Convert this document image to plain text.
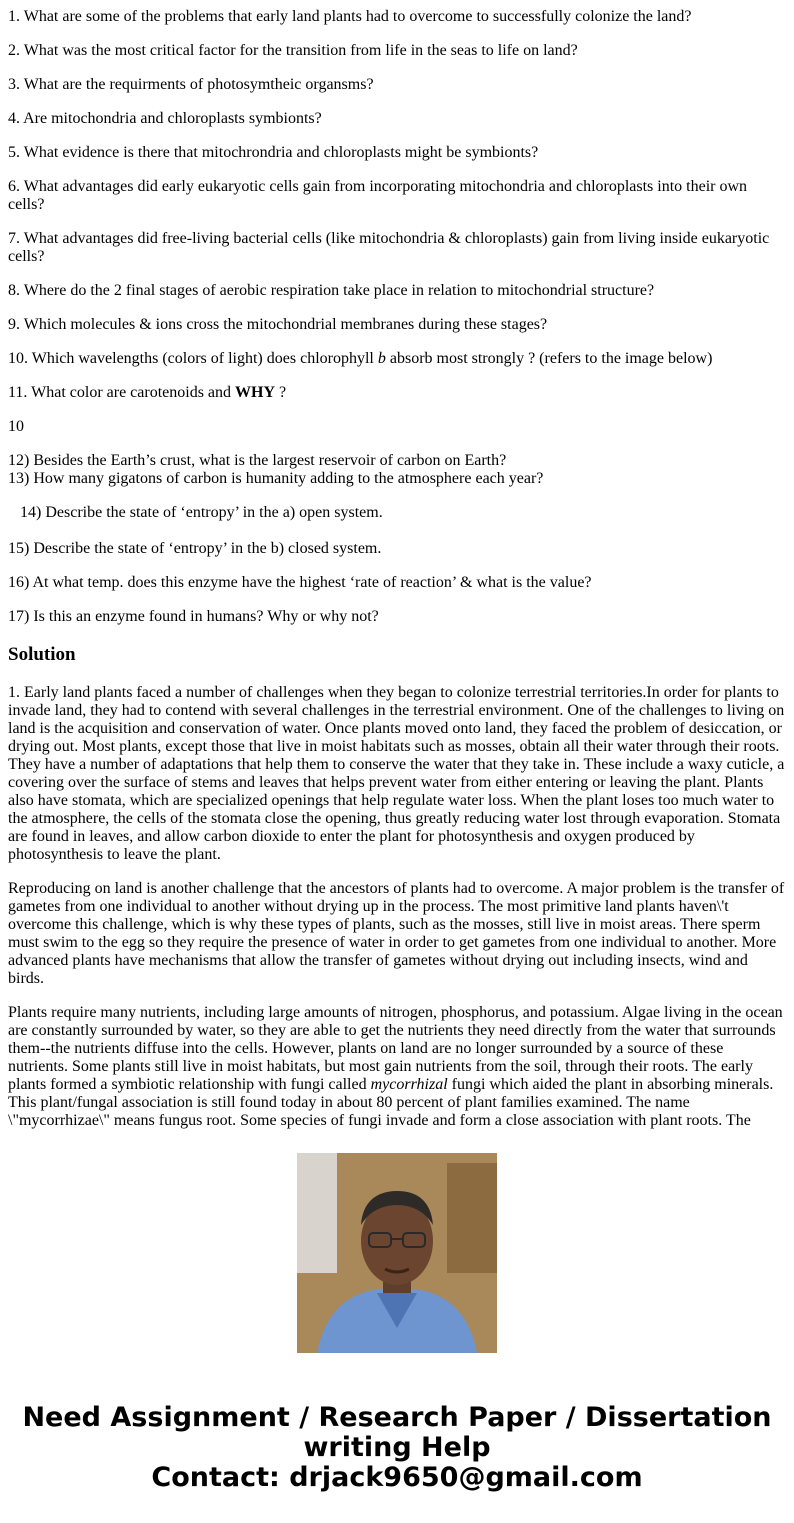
1. What are some of the problems that early land plants had to overcome to successfully colonize the land?

2. What was the most critical factor for the transition from life in the seas to life on land?

3. What are the requirments of photosymtheic organsms?

4. Are mitochondria and chloroplasts symbionts?

5. What evidence is there that mitochrondria and chloroplasts might be symbionts?

6. What advantages did early eukaryotic cells gain from incorporating mitochondria and chloroplasts into their own cells?

7. What advantages did free-living bacterial cells (like mitochondria & chloroplasts) gain from living inside eukaryotic cells?

8. Where do the 2 final stages of aerobic respiration take place in relation to mitochondrial structure?

9. Which molecules & ions cross the mitochondrial membranes during these stages?

10. Which wavelengths (colors of light) does chlorophyll b absorb most strongly ? (refers to the image below)

11. What color are carotenoids and WHY ?

10

12) Besides the Earth’s crust, what is the largest reservoir of carbon on Earth?

13) How many gigatons of carbon is humanity adding to the atmosphere each year?

14) Describe the state of ‘entropy’ in the a) open system.

15) Describe the state of ‘entropy’ in the b) closed system.

16) At what temp. does this enzyme have the highest ‘rate of reaction’ & what is the value?

17) Is this an enzyme found in humans? Why or why not?

Solution

1. Early land plants faced a number of challenges when they began to colonize terrestrial territories.In order for plants to invade land, they had to contend with several challenges in the terrestrial environment. One of the challenges to living on land is the acquisition and conservation of water. Once plants moved onto land, they faced the problem of desiccation, or drying out. Most plants, except those that live in moist habitats such as mosses, obtain all their water through their roots. They have a number of adaptations that help them to conserve the water that they take in. These include a waxy cuticle, a covering over the surface of stems and leaves that helps prevent water from either entering or leaving the plant. Plants also have stomata, which are specialized openings that help regulate water loss. When the plant loses too much water to the atmosphere, the cells of the stomata close the opening, thus greatly reducing water lost through evaporation. Stomata are found in leaves, and allow carbon dioxide to enter the plant for photosynthesis and oxygen produced by photosynthesis to leave the plant.

Reproducing on land is another challenge that the ancestors of plants had to overcome. A major problem is the transfer of gametes from one individual to another without drying up in the process. The most primitive land plants haven\'t overcome this challenge, which is why these types of plants, such as the mosses, still live in moist areas. There sperm must swim to the egg so they require the presence of water in order to get gametes from one individual to another. More advanced plants have mechanisms that allow the transfer of gametes without drying out including insects, wind and birds.

Plants require many nutrients, including large amounts of nitrogen, phosphorus, and potassium. Algae living in the ocean are constantly surrounded by water, so they are able to get the nutrients they need directly from the water that surrounds them--the nutrients diffuse into the cells. However, plants on land are no longer surrounded by a source of these nutrients. Some plants still live in moist habitats, but most gain nutrients from the soil, through their roots. The early plants formed a symbiotic relationship with fungi called mycorrhizal fungi which aided the plant in absorbing minerals. This plant/fungal association is still found today in about 80 percent of plant families examined. The name \"mycorrhizae\" means fungus root. Some species of fungi invade and form a close association with plant roots. The

Need Assignment / Research Paper / Dissertation
writing Help
Contact: drjack9650@gmail.com
